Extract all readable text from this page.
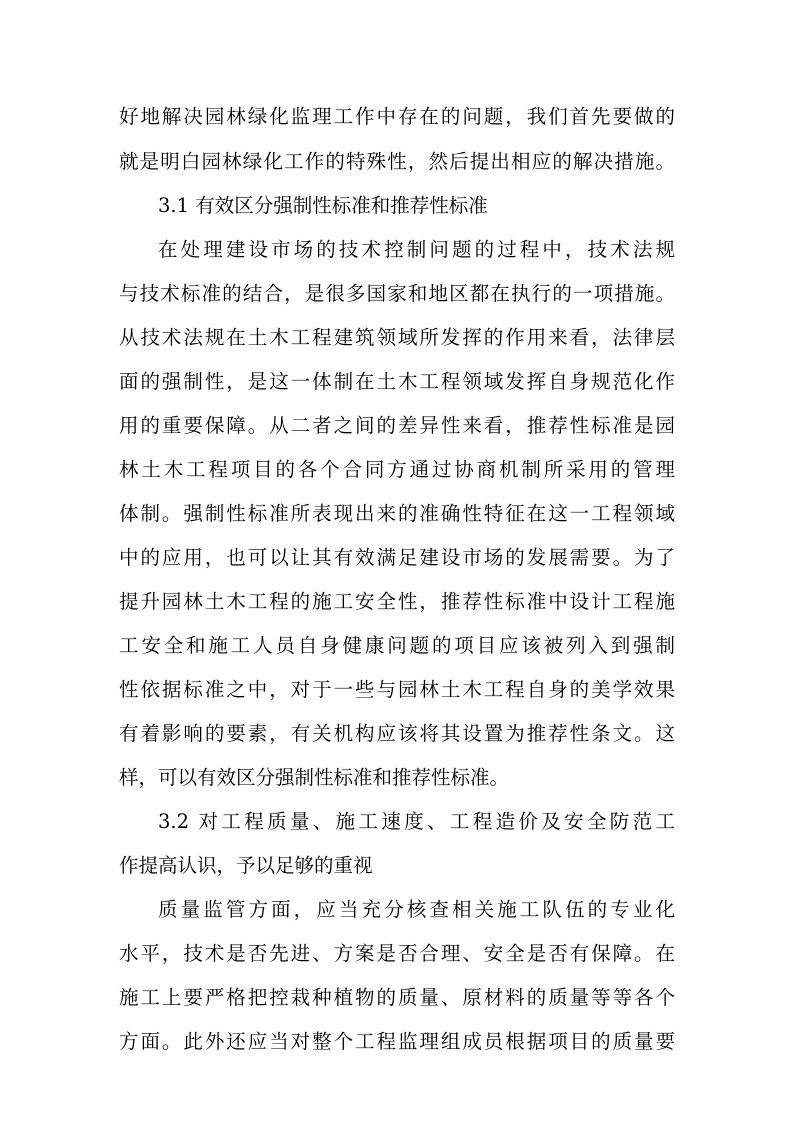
好地解决园林绿化监理工作中存在的问题，我们首先要做的
就是明白园林绿化工作的特殊性，然后提出相应的解决措施。
3.1 有效区分强制性标准和推荐性标准
在处理建设市场的技术控制问题的过程中，技术法规
与技术标准的结合，是很多国家和地区都在执行的一项措施。
从技术法规在土木工程建筑领域所发挥的作用来看，法律层
面的强制性，是这一体制在土木工程领域发挥自身规范化作
用的重要保障。从二者之间的差异性来看，推荐性标准是园
林土木工程项目的各个合同方通过协商机制所采用的管理
体制。强制性标准所表现出来的准确性特征在这一工程领域
中的应用，也可以让其有效满足建设市场的发展需要。为了
提升园林土木工程的施工安全性，推荐性标准中设计工程施
工安全和施工人员自身健康问题的项目应该被列入到强制
性依据标准之中，对于一些与园林土木工程自身的美学效果
有着影响的要素，有关机构应该将其设置为推荐性条文。这
样，可以有效区分强制性标准和推荐性标准。
3.2 对工程质量、施工速度、工程造价及安全防范工
作提高认识，予以足够的重视
质量监管方面，应当充分核查相关施工队伍的专业化
水平，技术是否先进、方案是否合理、安全是否有保障。在
施工上要严格把控栽种植物的质量、原材料的质量等等各个
方面。此外还应当对整个工程监理组成员根据项目的质量要
